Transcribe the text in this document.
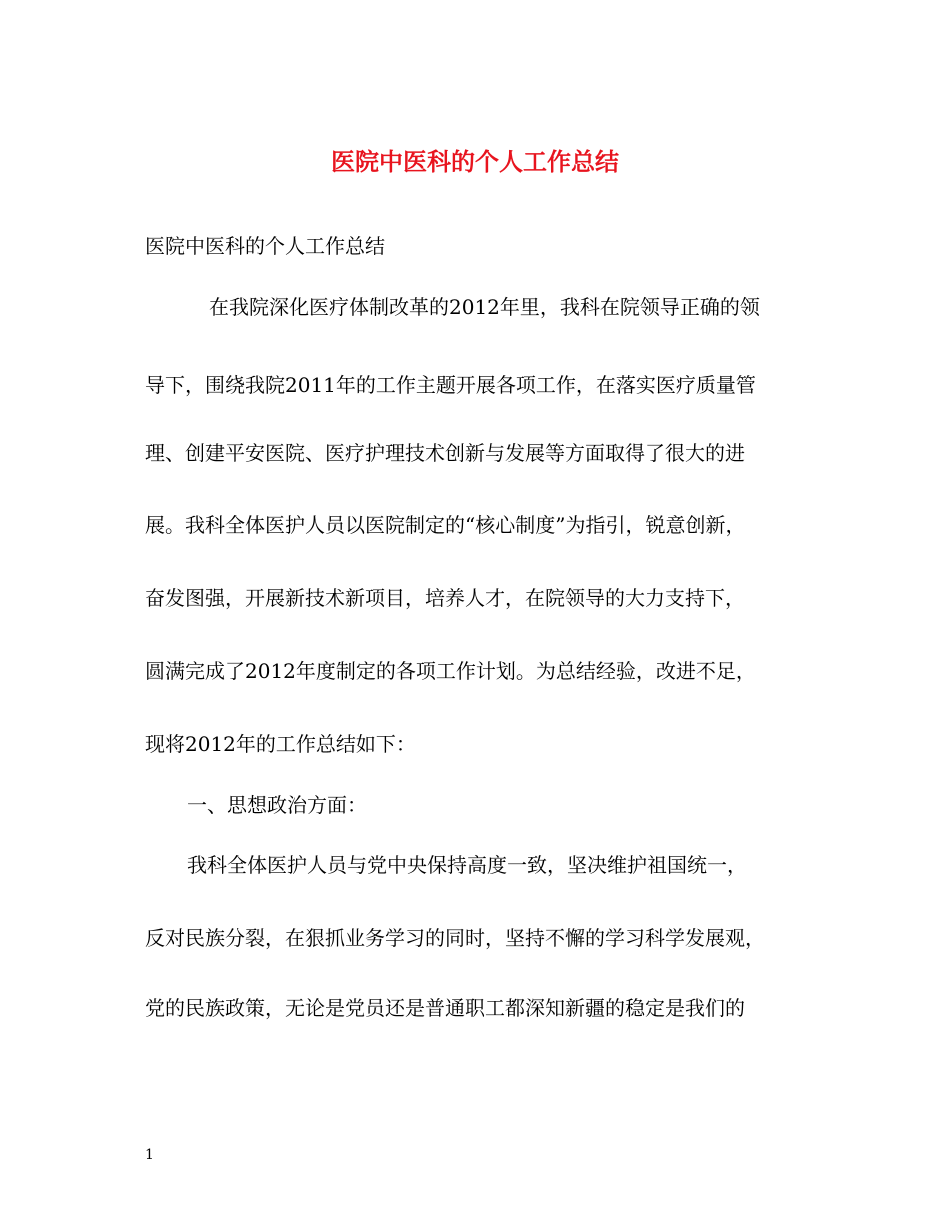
医院中医科的个人工作总结
医院中医科的个人工作总结
在我院深化医疗体制改革的2012年里，我科在院领导正确的领
导下，围绕我院2011年的工作主题开展各项工作，在落实医疗质量管
理、创建平安医院、医疗护理技术创新与发展等方面取得了很大的进
展。我科全体医护人员以医院制定的“核心制度”为指引，锐意创新，
奋发图强，开展新技术新项目，培养人才，在院领导的大力支持下，
圆满完成了2012年度制定的各项工作计划。为总结经验，改进不足，
现将2012年的工作总结如下：
一、思想政治方面：
我科全体医护人员与党中央保持高度一致，坚决维护祖国统一，
反对民族分裂，在狠抓业务学习的同时，坚持不懈的学习科学发展观，
党的民族政策，无论是党员还是普通职工都深知新疆的稳定是我们的
1
